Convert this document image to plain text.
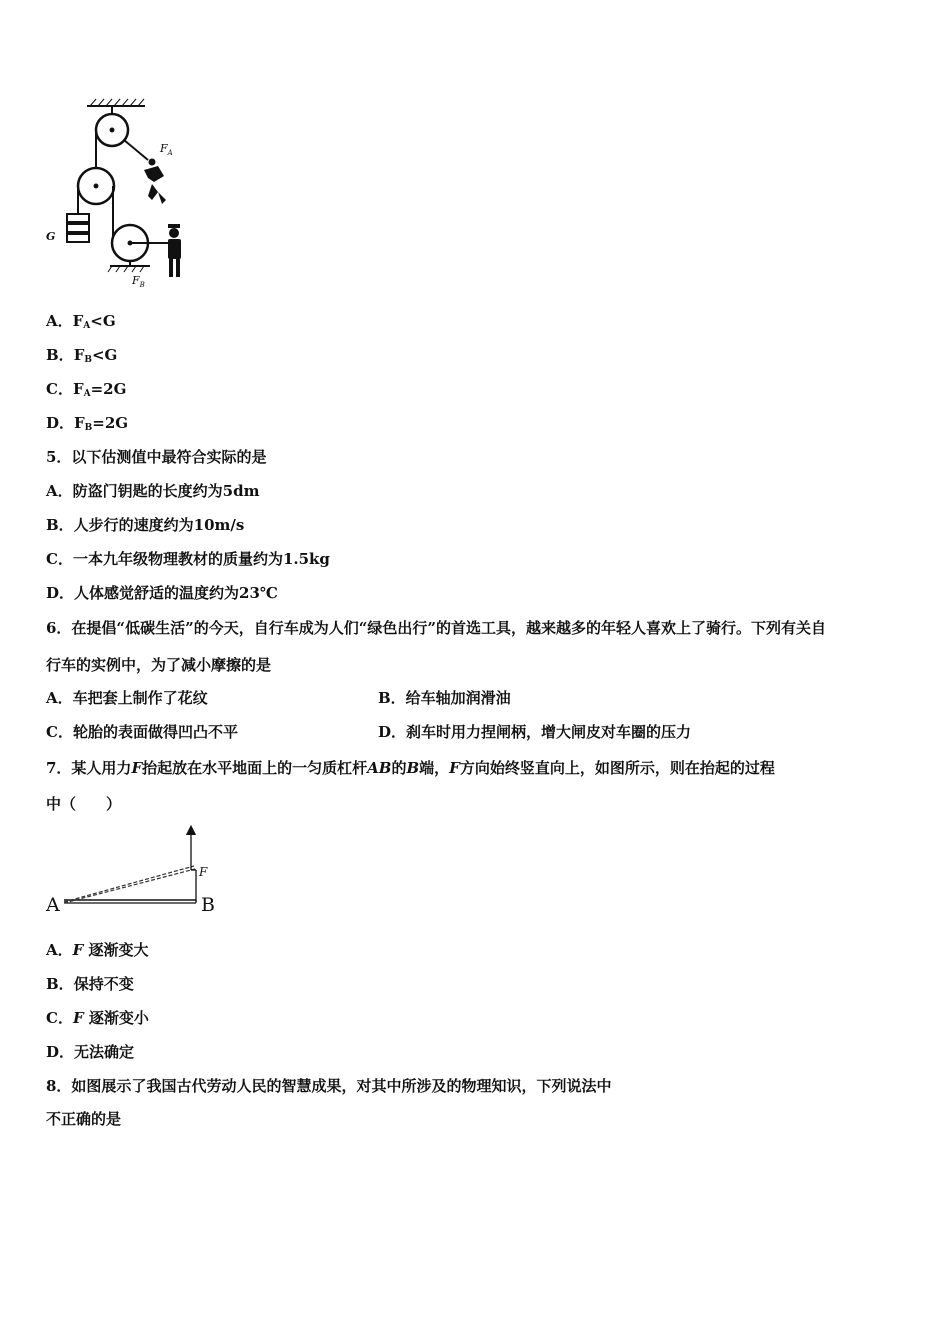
$F_A$
G
$F_B$
A．$F_A<G$
B．$F_B<G$
C．$F_A=2G$
D．$F_B=2G$
5．以下估测值中最符合实际的是
A．防盗门钥匙的长度约为5dm
B．人步行的速度约为10m/s
C．一本九年级物理教材的质量约为1.5kg
D．人体感觉舒适的温度约为23℃
6．在提倡“低碳生活”的今天，自行车成为人们“绿色出行”的首选工具，越来越多的年轻人喜欢上了骑行。下列有关自
行车的实例中，为了减小摩擦的是
A．车把套上制作了花纹	B．给车轴加润滑油
C．轮胎的表面做得凹凸不平	D．刹车时用力捏闸柄，增大闸皮对车圈的压力
7．某人用力F抬起放在水平地面上的一匀质杠杆AB的B端，F方向始终竖直向上，如图所示，则在抬起的过程
中（　　）
A	B
F
A．F 逐渐变大
B．保持不变
C．F 逐渐变小
D．无法确定
8．如图展示了我国古代劳动人民的智慧成果，对其中所涉及的物理知识，下列说法中
不正确的是
